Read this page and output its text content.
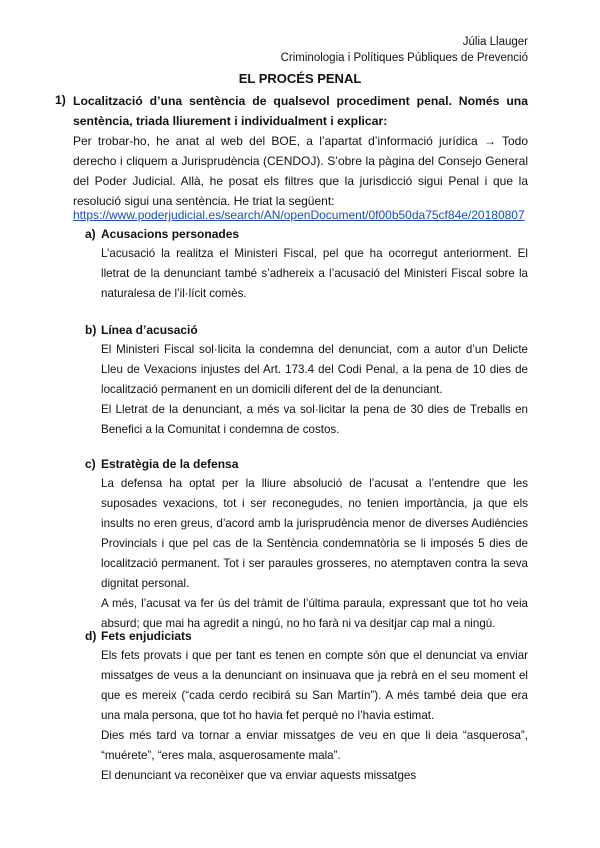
Júlia Llauger
Criminologia i Polítiques Públiques de Prevenció
EL PROCÉS PENAL
1) Localització d’una sentència de qualsevol procediment penal. Només una sentència, triada lliurement i individualment i explicar:

Per trobar-ho, he anat al web del BOE, a l’apartat d’informació jurídica → Todo derecho i cliquem a Jurisprudència (CENDOJ). S’obre la pàgina del Consejo General del Poder Judicial. Allà, he posat els filtres que la jurisdicció sigui Penal i que la resolució sigui una sentència. He triat la següent:

https://www.poderjudicial.es/search/AN/openDocument/0f00b50da75cf84e/20180807
a) Acusacions personades

L’acusació la realitza el Ministeri Fiscal, pel que ha ocorregut anteriorment. El lletrat de la denunciant també s’adhereix a l’acusació del Ministeri Fiscal sobre la naturalesa de l’il·lícit comès.

b) Línea d’acusació

El Ministeri Fiscal sol·licita la condemna del denunciat, com a autor d’un Delicte Lleu de Vexacions injustes del Art. 173.4 del Codi Penal, a la pena de 10 dies de localització permanent en un domicili diferent del de la denunciant.

El Lletrat de la denunciant, a més va sol·licitar la pena de 30 dies de Treballs en Benefici a la Comunitat i condemna de costos.

c) Estratègia de la defensa

La defensa ha optat per la lliure absolució de l’acusat a l’entendre que les suposades vexacions, tot i ser reconegudes, no tenien importància, ja que els insults no eren greus, d’acord amb la jurisprudència menor de diverses Audiències Provincials i que pel cas de la Sentència condemnatòria se li imposés 5 dies de localització permanent. Tot i ser paraules grosseres, no atemptaven contra la seva dignitat personal.

A més, l’acusat va fer ús del tràmit de l’última paraula, expressant que tot ho veia absurd; que mai ha agredit a ningú, no ho farà ni va desitjar cap mal a ningú.

d) Fets enjudiciats

Els fets provats i que per tant es tenen en compte són que el denunciat va enviar missatges de veus a la denunciant on insinuava que ja rebrà en el seu moment el que es mereix (“cada cerdo recibirá su San Martín”). A més també deia que era una mala persona, que tot ho havia fet perquè no l’havia estimat.

Dies més tard va tornar a enviar missatges de veu en que li deia “asquerosa”, “muérete”, “eres mala, asquerosamente mala”.

El denunciant va reconèixer que va enviar aquests missatges
